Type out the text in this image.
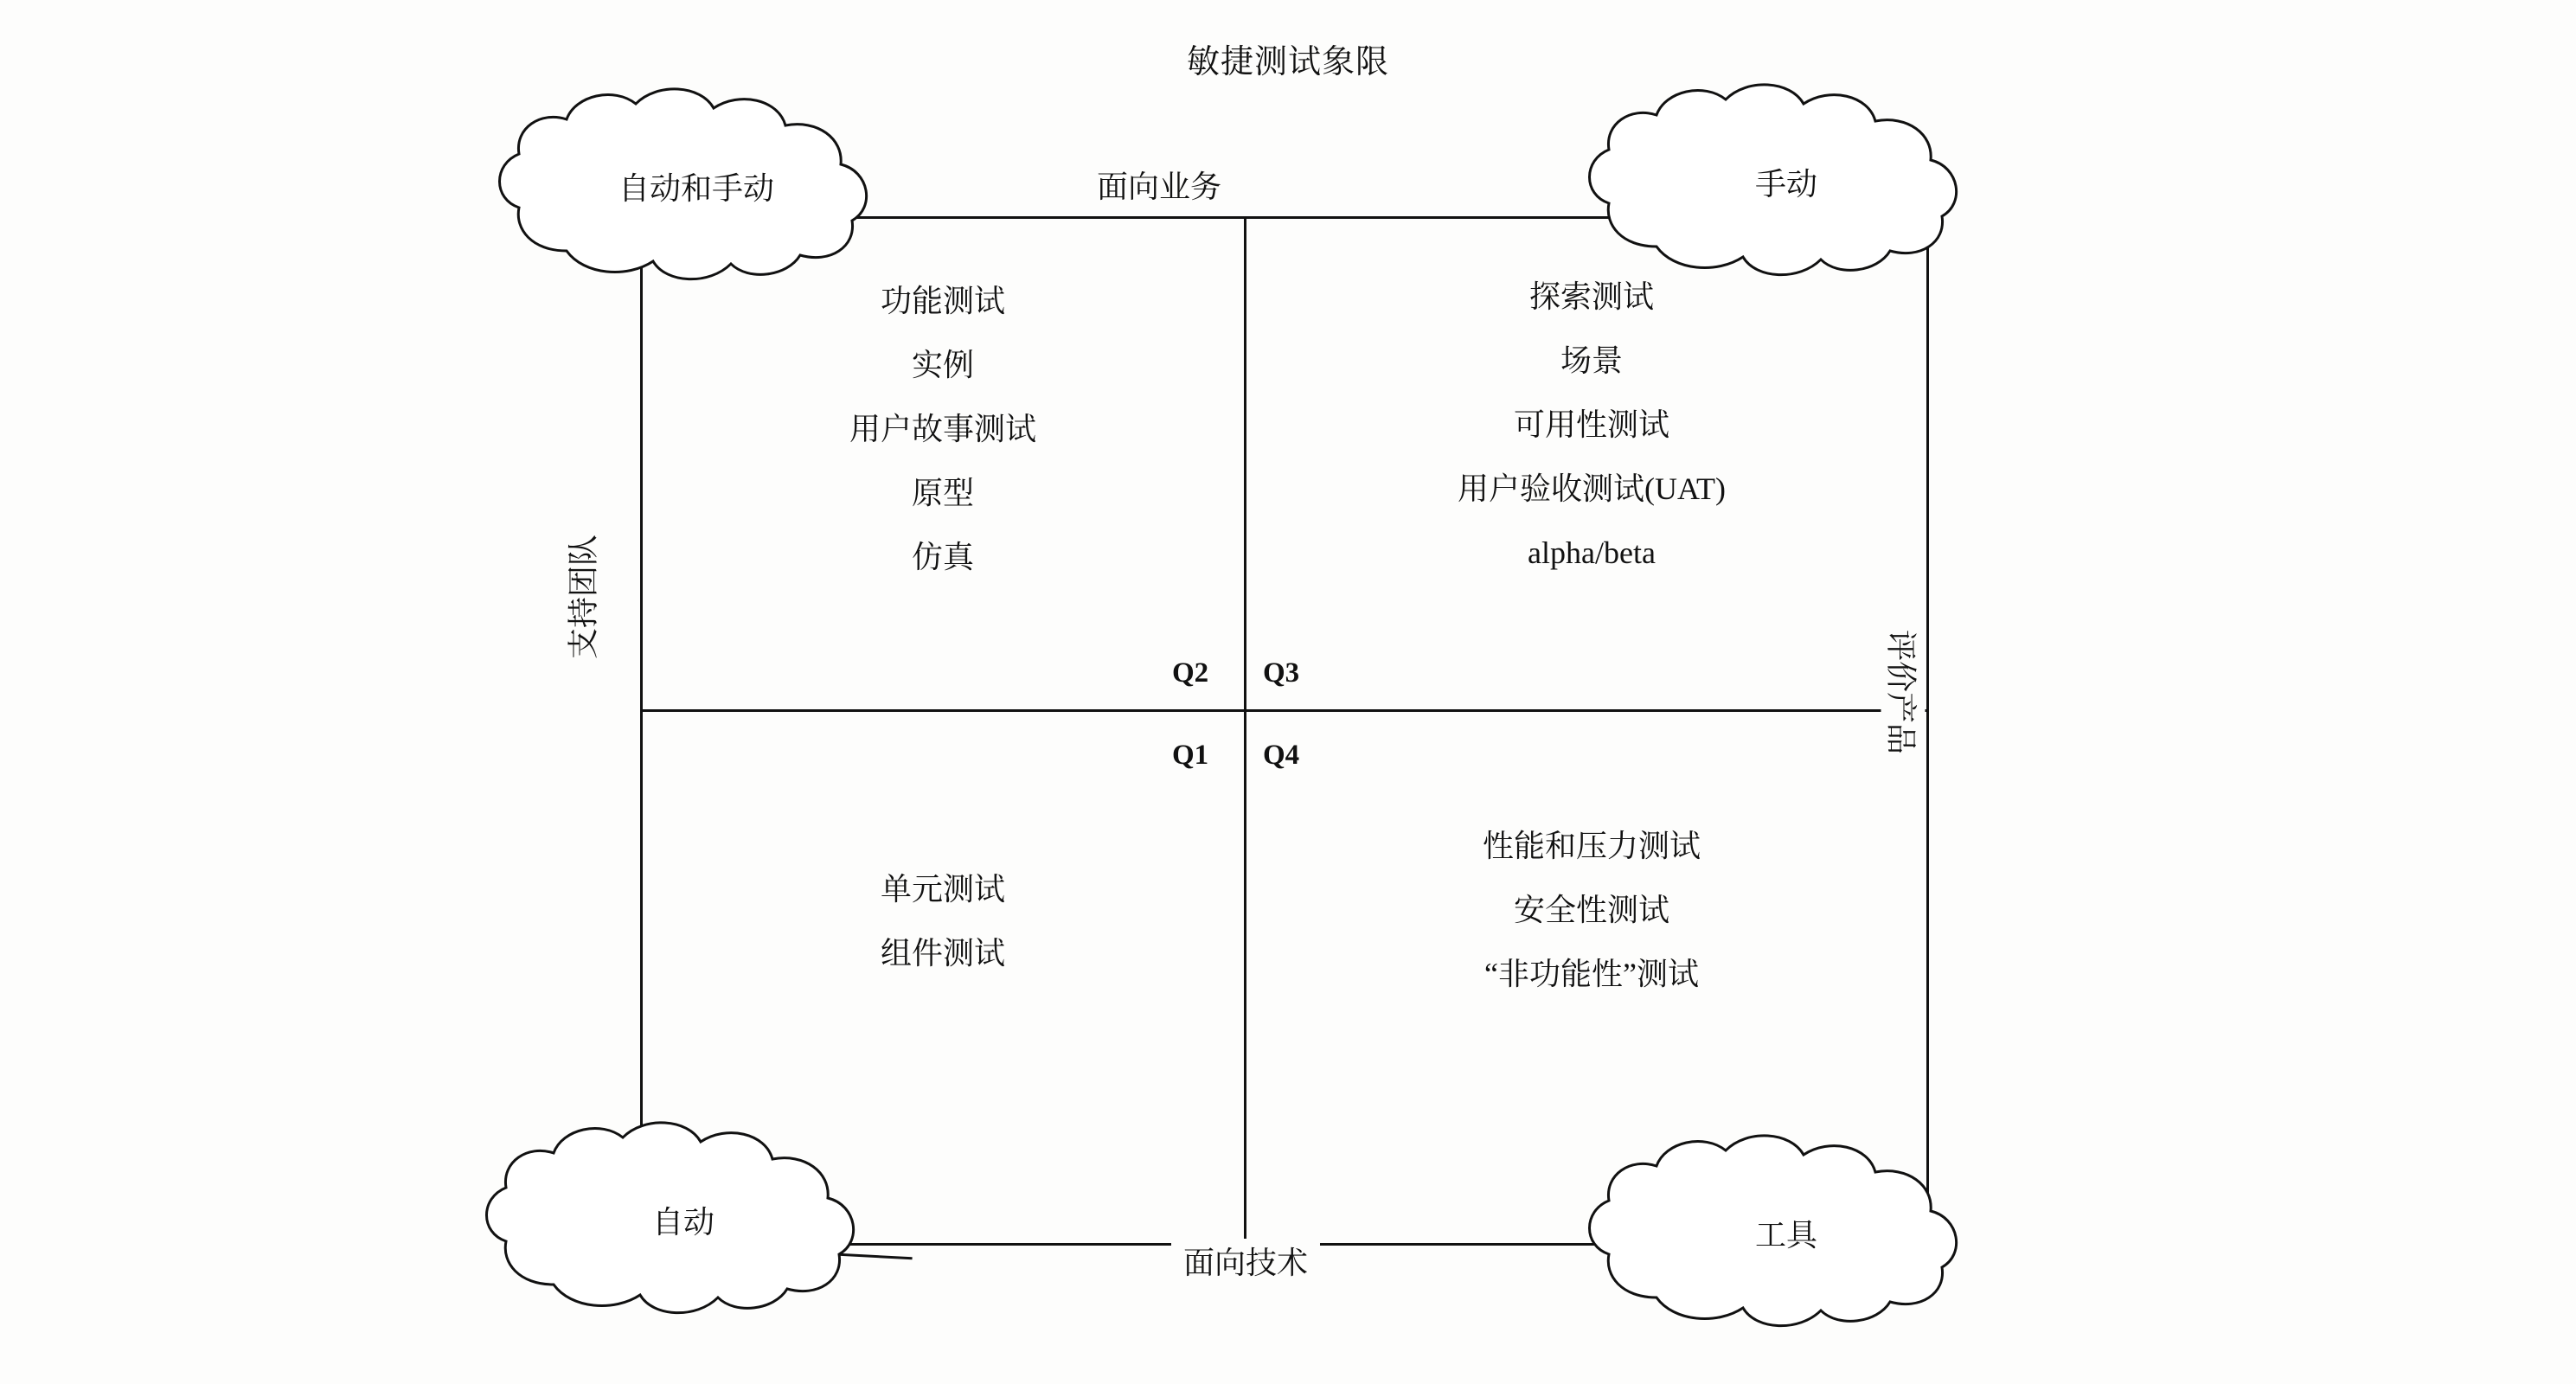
敏捷测试象限
面向业务
面向技术
支持团队
评价产品
Q2 Q3
Q1 Q4
功能测试
实例
用户故事测试
原型
仿真
探索测试
场景
可用性测试
用户验收测试(UAT)
alpha/beta
单元测试
组件测试
性能和压力测试
安全性测试
“非功能性”测试
自动和手动	手动
自动	工具
